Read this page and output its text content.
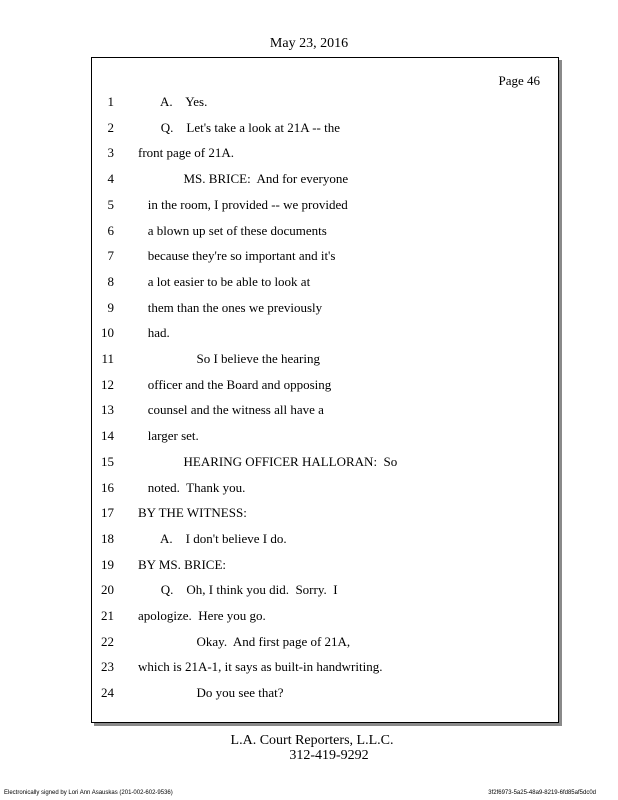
May 23, 2016
Page 46
1 A.    Yes.
2 Q.    Let's take a look at 21A -- the
3 front page of 21A.
4 MS. BRICE:  And for everyone
5 in the room, I provided -- we provided
6 a blown up set of these documents
7 because they're so important and it's
8 a lot easier to be able to look at
9 them than the ones we previously
10 had.
11 So I believe the hearing
12 officer and the Board and opposing
13 counsel and the witness all have a
14 larger set.
15 HEARING OFFICER HALLORAN:  So
16 noted.  Thank you.
17 BY THE WITNESS:
18 A.    I don't believe I do.
19 BY MS. BRICE:
20 Q.    Oh, I think you did.  Sorry.  I
21 apologize.  Here you go.
22 Okay.  And first page of 21A,
23 which is 21A-1, it says as built-in handwriting.
24 Do you see that?
L.A. Court Reporters, L.L.C.
312-419-9292
Electronically signed by Lori Ann Asauskas (201-002-602-9536)	3f2f6973-5a25-48a9-8219-6fd85af5dc0d
